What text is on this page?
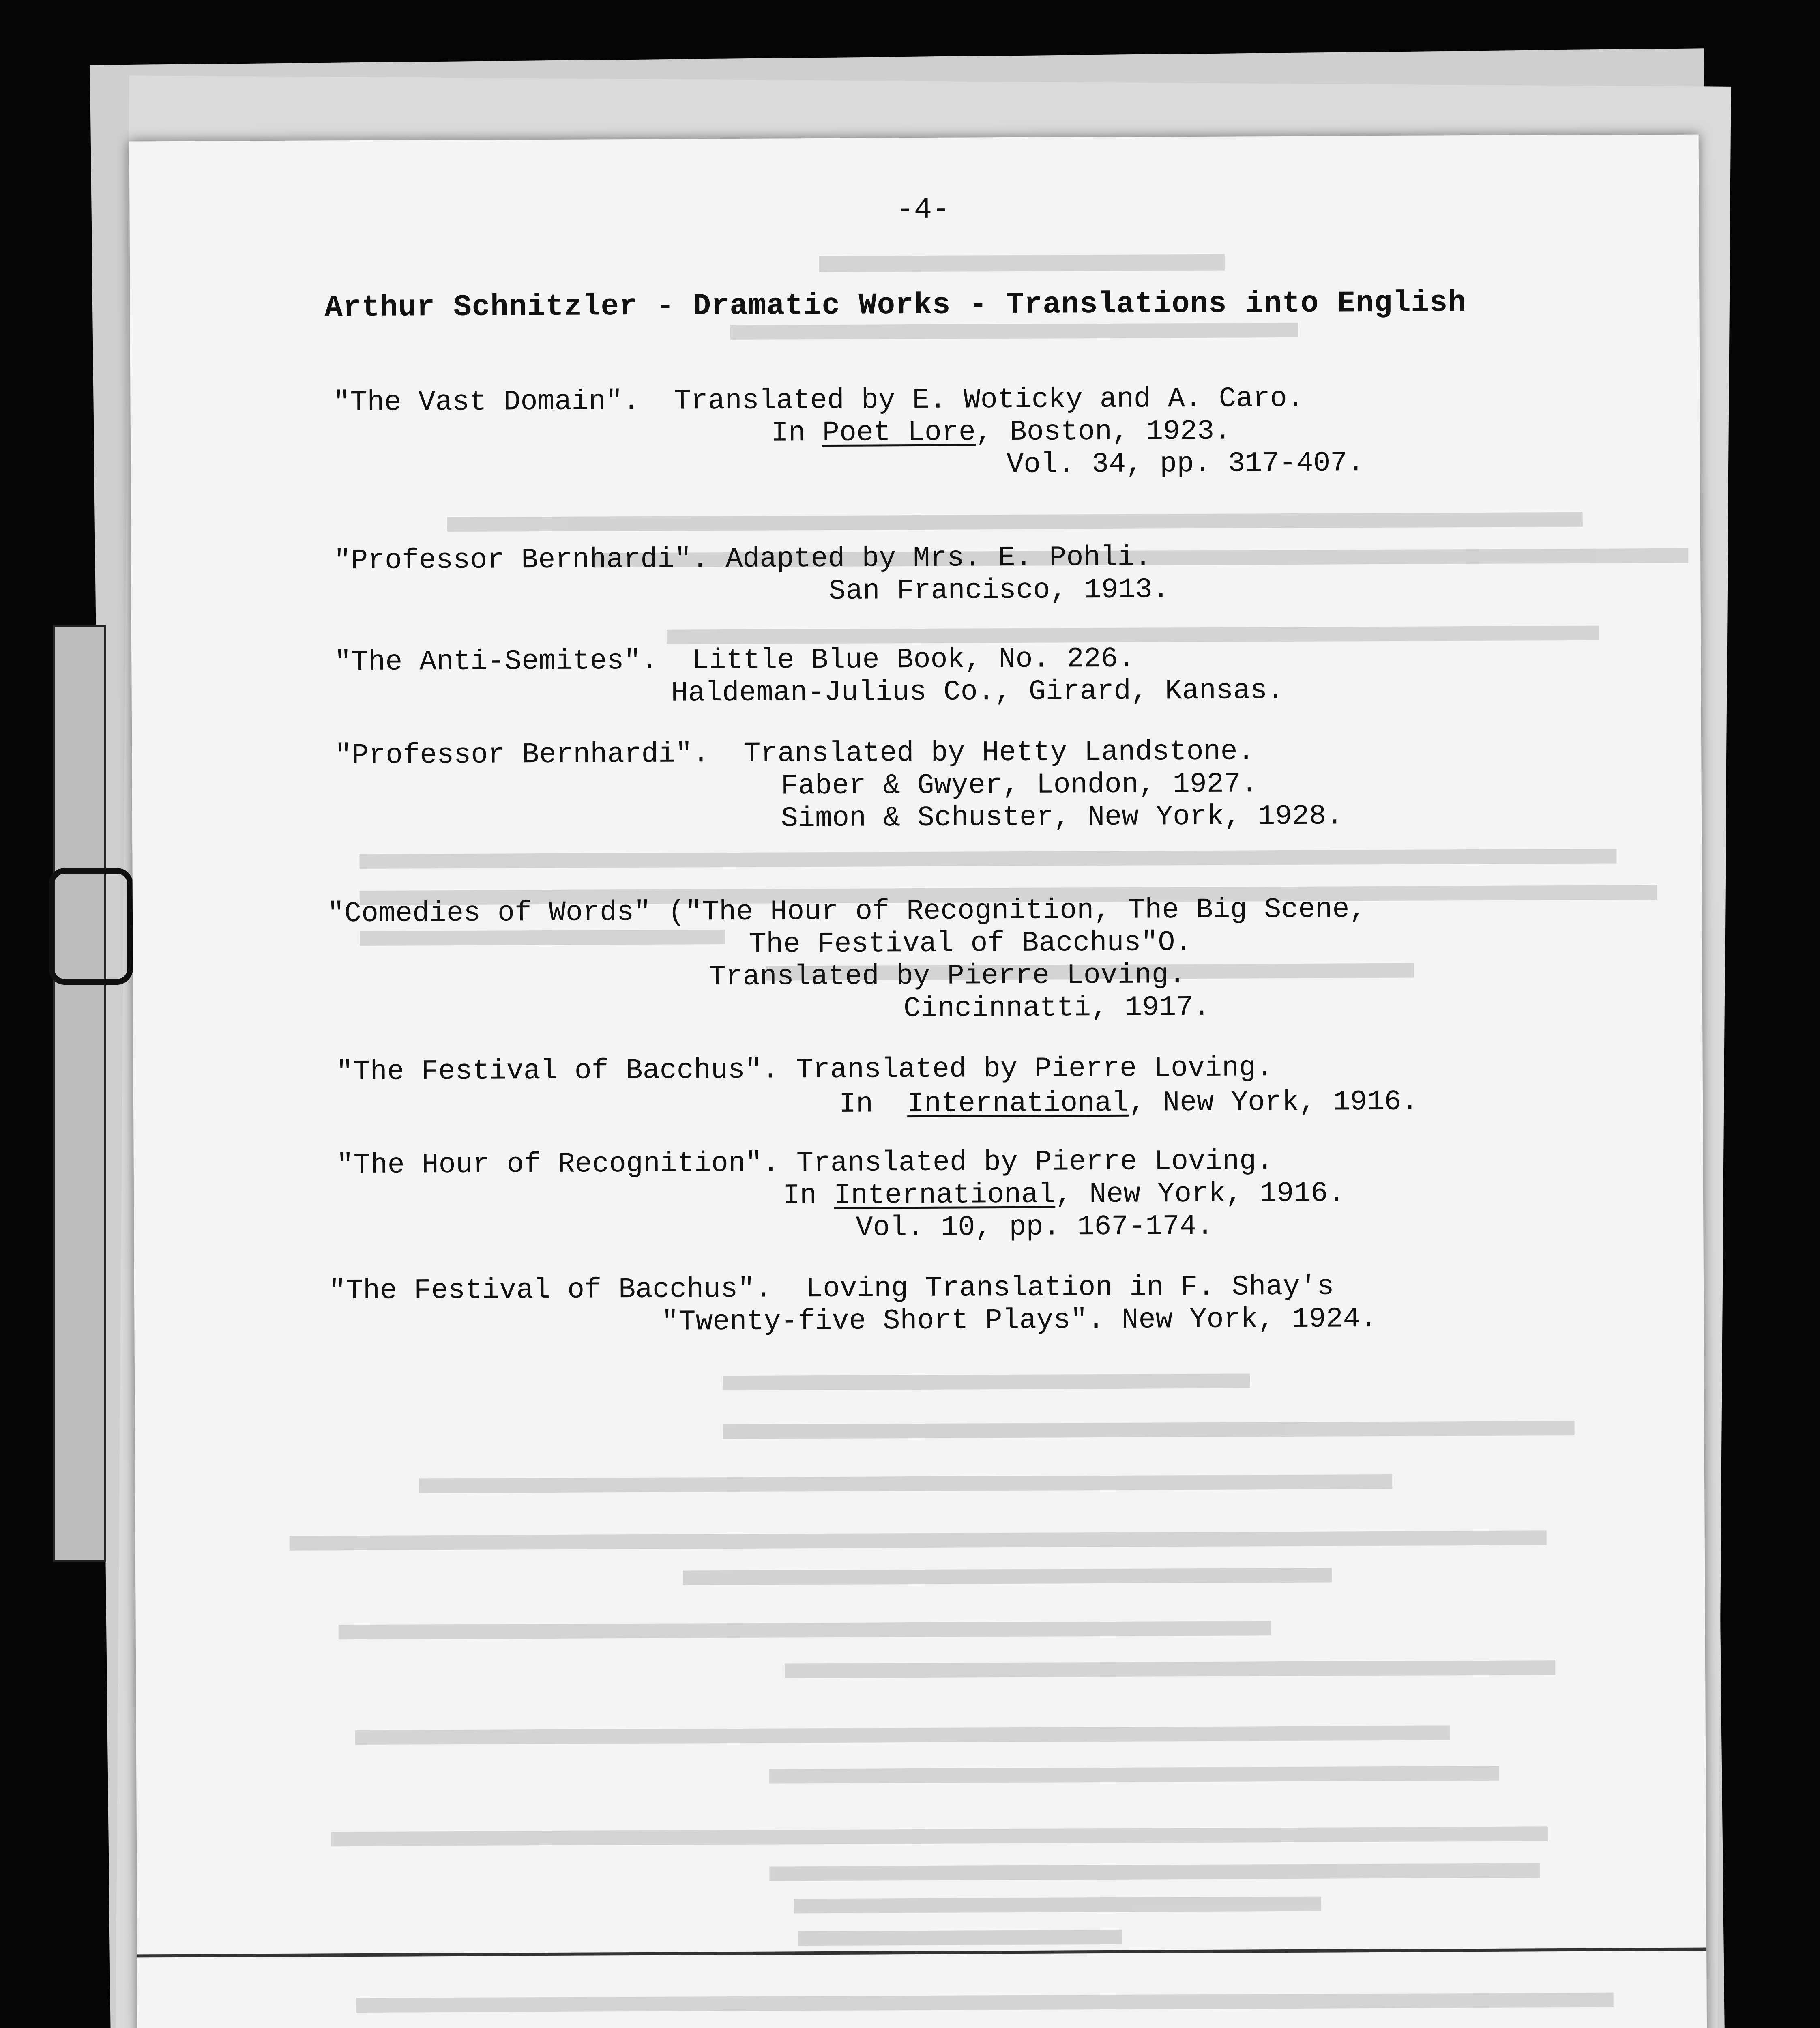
-4-
Arthur Schnitzler - Dramatic Works - Translations into English
"The Vast Domain".  Translated by E. Woticky and A. Caro.
In Poet Lore, Boston, 1923.
Vol. 34, pp. 317-407.
"Professor Bernhardi". Adapted by Mrs. E. Pohli.
San Francisco, 1913.
"The Anti-Semites".  Little Blue Book, No. 226.
Haldeman-Julius Co., Girard, Kansas.
"Professor Bernhardi".  Translated by Hetty Landstone.
Faber & Gwyer, London, 1927.
Simon & Schuster, New York, 1928.
"Comedies of Words" ("The Hour of Recognition, The Big Scene,
The Festival of Bacchus"O.
Translated by Pierre Loving.
Cincinnatti, 1917.
"The Festival of Bacchus". Translated by Pierre Loving.
In  International, New York, 1916.
"The Hour of Recognition". Translated by Pierre Loving.
In International, New York, 1916.
Vol. 10, pp. 167-174.
"The Festival of Bacchus".  Loving Translation in F. Shay's
"Twenty-five Short Plays". New York, 1924.
